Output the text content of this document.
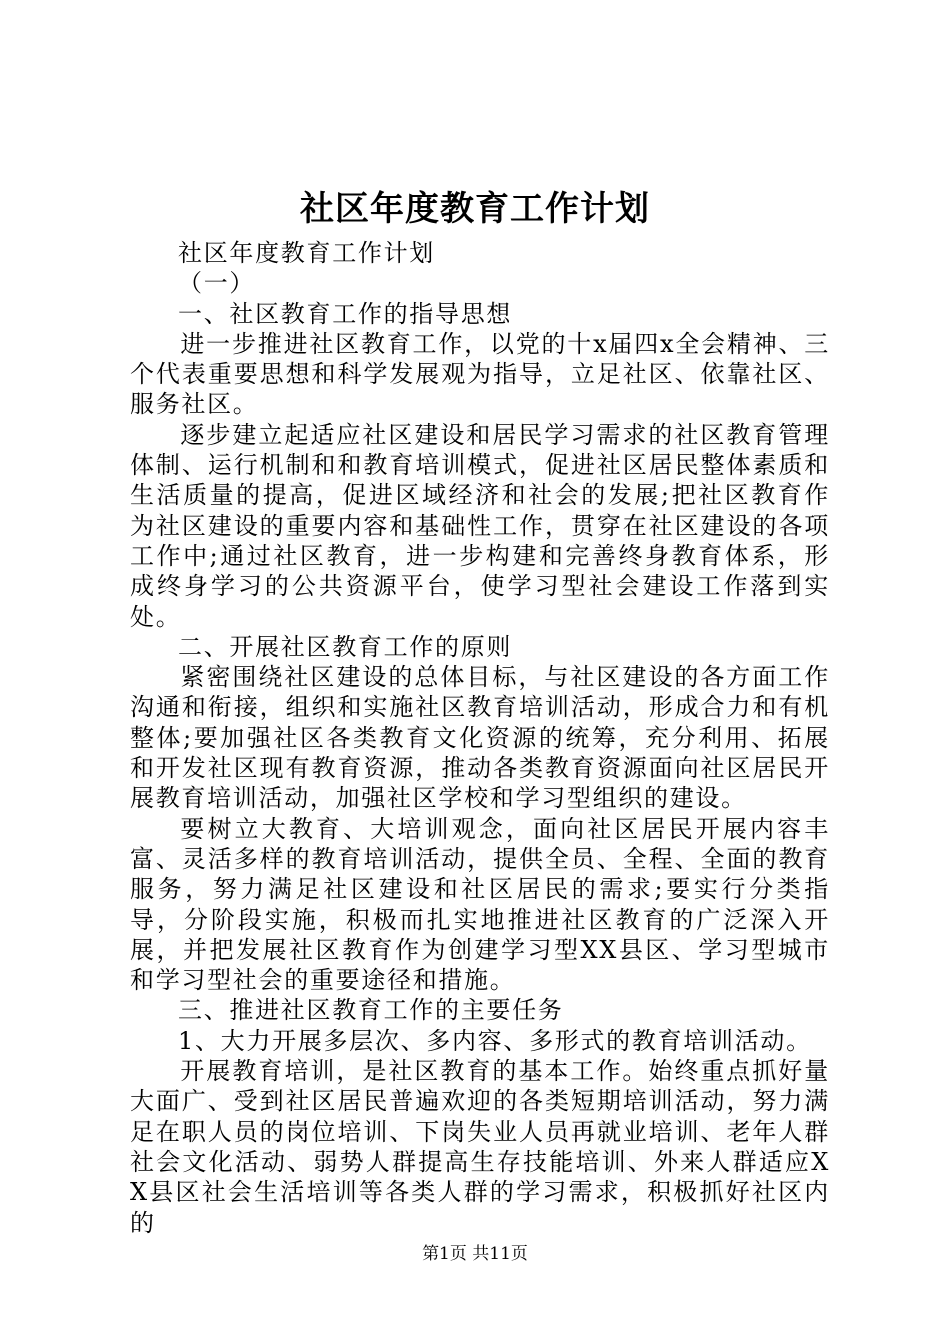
社区年度教育工作计划

社区年度教育工作计划

（一）

一、社区教育工作的指导思想

进一步推进社区教育工作，以党的十x届四x全会精神、三个代表重要思想和科学发展观为指导，立足社区、依靠社区、服务社区。

逐步建立起适应社区建设和居民学习需求的社区教育管理体制、运行机制和和教育培训模式，促进社区居民整体素质和生活质量的提高，促进区域经济和社会的发展;把社区教育作为社区建设的重要内容和基础性工作，贯穿在社区建设的各项工作中;通过社区教育，进一步构建和完善终身教育体系，形成终身学习的公共资源平台，使学习型社会建设工作落到实处。

二、开展社区教育工作的原则

紧密围绕社区建设的总体目标，与社区建设的各方面工作沟通和衔接，组织和实施社区教育培训活动，形成合力和有机整体;要加强社区各类教育文化资源的统筹，充分利用、拓展和开发社区现有教育资源，推动各类教育资源面向社区居民开展教育培训活动，加强社区学校和学习型组织的建设。

要树立大教育、大培训观念，面向社区居民开展内容丰富、灵活多样的教育培训活动，提供全员、全程、全面的教育服务，努力满足社区建设和社区居民的需求;要实行分类指导，分阶段实施，积极而扎实地推进社区教育的广泛深入开展，并把发展社区教育作为创建学习型XX县区、学习型城市和学习型社会的重要途径和措施。

三、推进社区教育工作的主要任务

1、大力开展多层次、多内容、多形式的教育培训活动。

开展教育培训，是社区教育的基本工作。始终重点抓好量大面广、受到社区居民普遍欢迎的各类短期培训活动，努力满足在职人员的岗位培训、下岗失业人员再就业培训、老年人群社会文化活动、弱势人群提高生存技能培训、外来人群适应XX县区社会生活培训等各类人群的学习需求，积极抓好社区内的

第1页 共11页
